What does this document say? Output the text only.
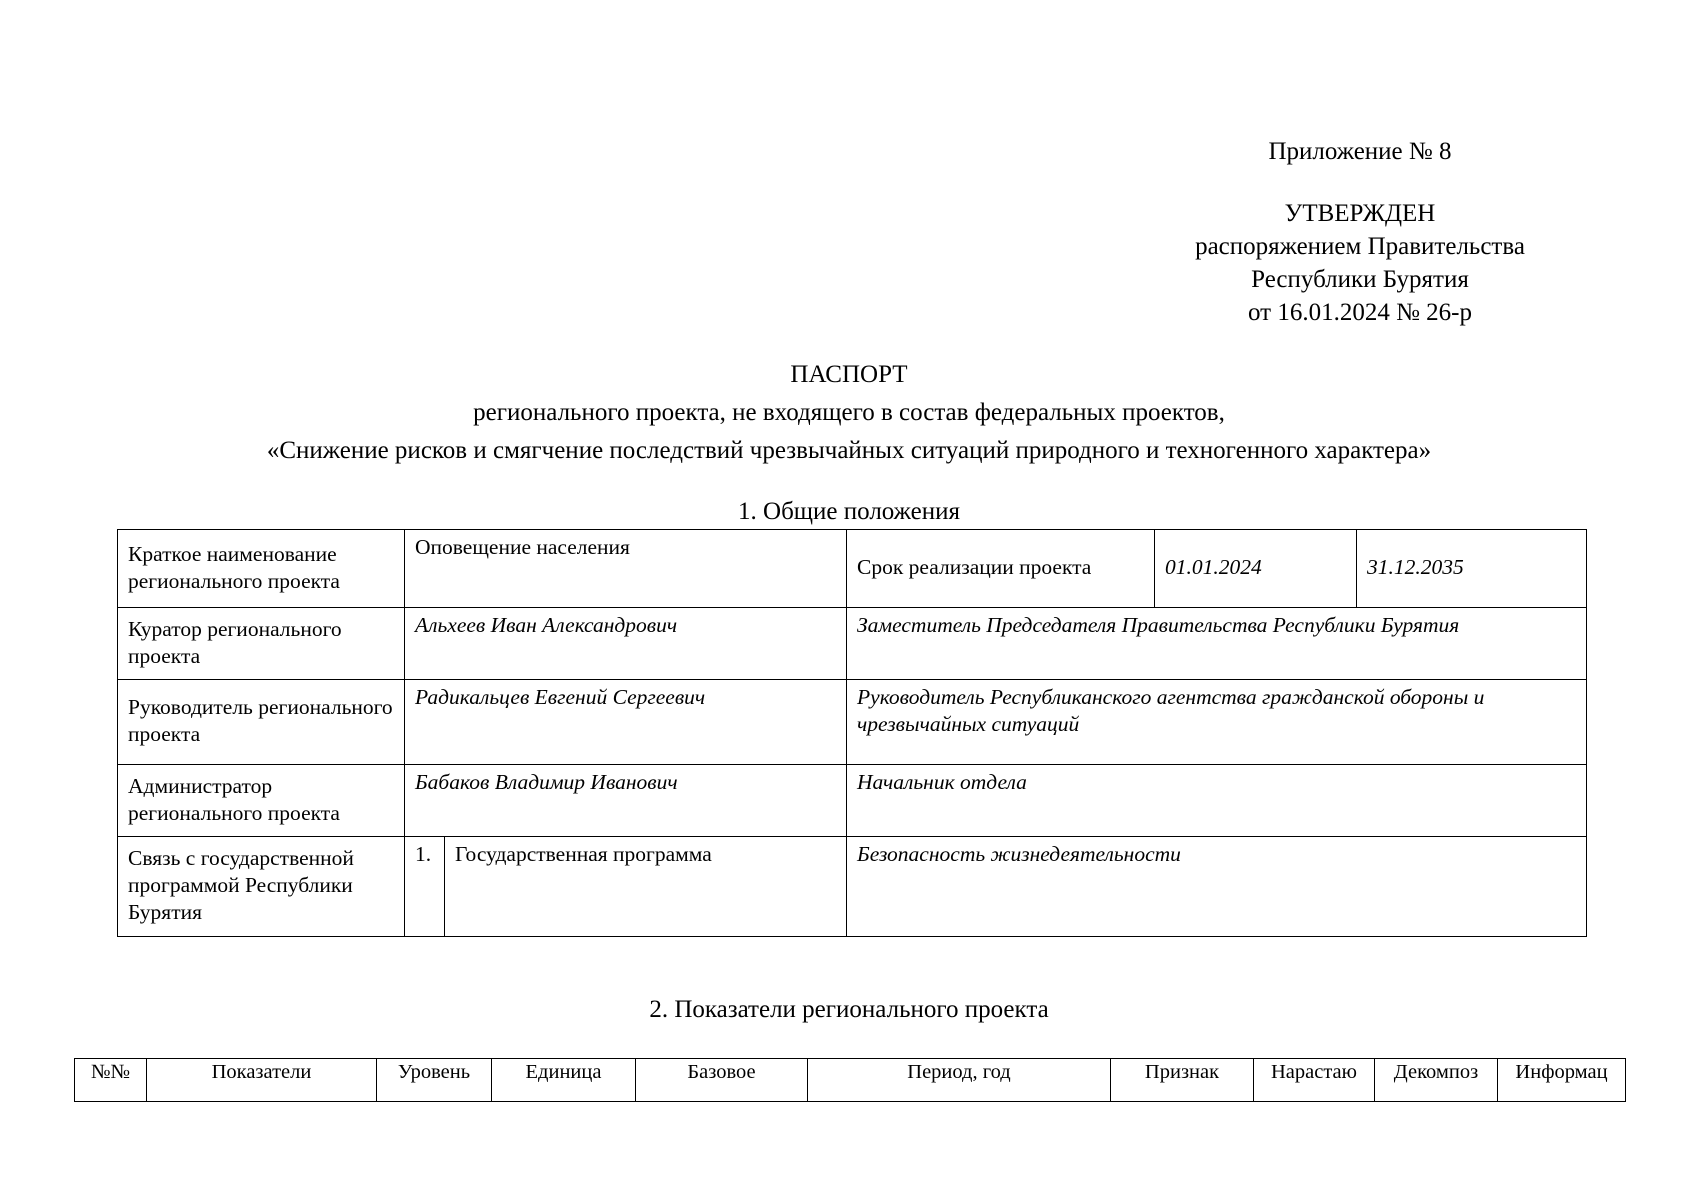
Приложение № 8
УТВЕРЖДЕН
распоряжением Правительства
Республики Бурятия
от 16.01.2024 № 26-р
ПАСПОРТ
регионального проекта, не входящего в состав федеральных проектов,
«Снижение рисков и смягчение последствий чрезвычайных ситуаций природного и техногенного характера»
1. Общие положения
Краткое наименование регионального проекта	Оповещение населения		Срок реализации проекта	01.01.2024	31.12.2035
Куратор регионального проекта	Альхеев Иван Александрович		Заместитель Председателя Правительства Республики Бурятия		
Руководитель регионального проекта	Радикальцев Евгений Сергеевич		Руководитель Республиканского агентства гражданской обороны и чрезвычайных ситуаций		
Администратор регионального проекта	Бабаков Владимир Иванович		Начальник отдела		
Связь с государственной программой Республики Бурятия	1.	Государственная программа	Безопасность жизнедеятельности		
2. Показатели регионального проекта
№№	Показатели	Уровень	Единица	Базовое	Период, год	Признак	Нарастаю	Декомпоз	Информац
